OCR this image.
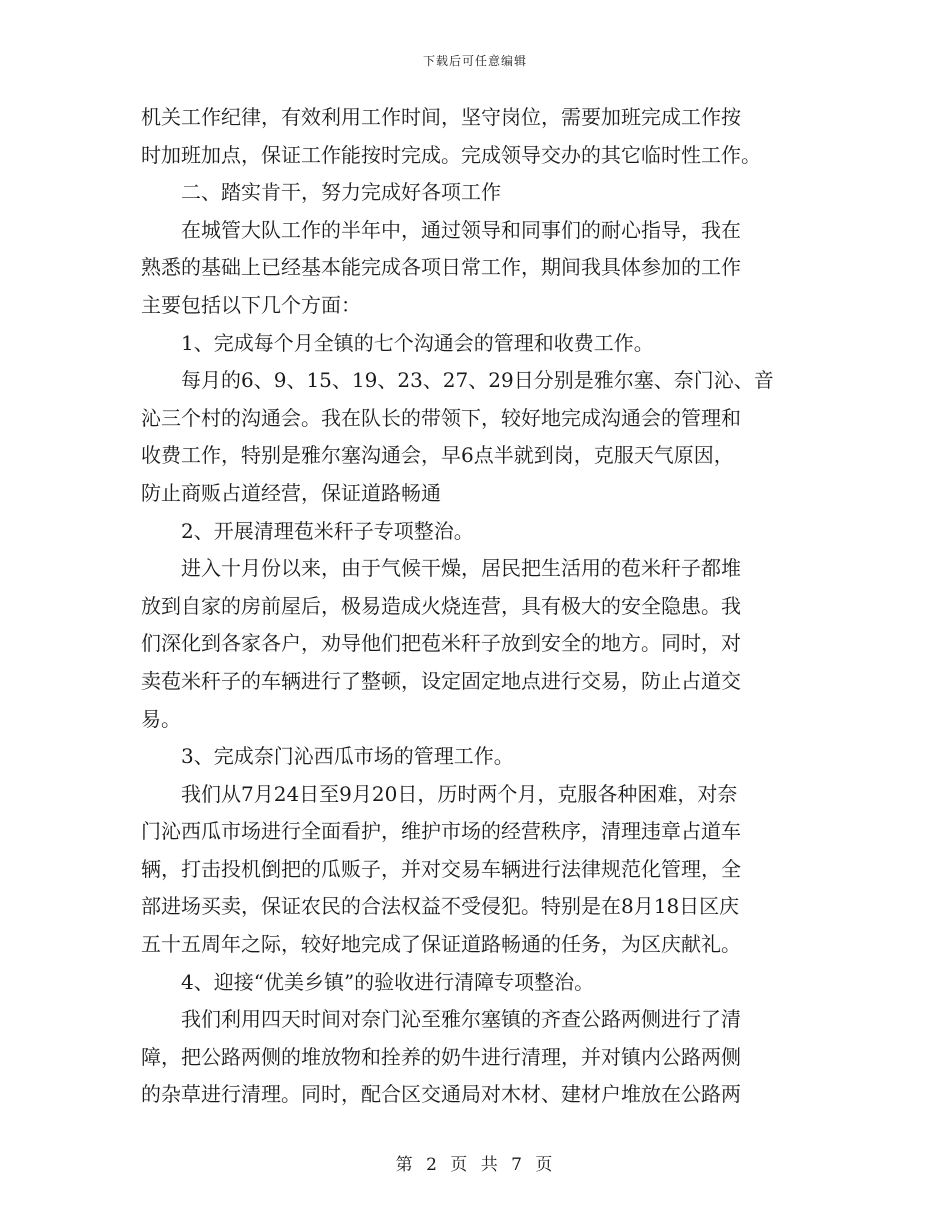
下载后可任意编辑

机关工作纪律，有效利用工作时间，坚守岗位，需要加班完成工作按
时加班加点，保证工作能按时完成。完成领导交办的其它临时性工作。

　　二、踏实肯干，努力完成好各项工作

　　在城管大队工作的半年中，通过领导和同事们的耐心指导，我在
熟悉的基础上已经基本能完成各项日常工作，期间我具体参加的工作
主要包括以下几个方面：

　　1、完成每个月全镇的七个沟通会的管理和收费工作。

　　每月的6、9、15、19、23、27、29日分别是雅尔塞、奈门沁、音
沁三个村的沟通会。我在队长的带领下，较好地完成沟通会的管理和
收费工作，特别是雅尔塞沟通会，早6点半就到岗，克服天气原因，
防止商贩占道经营，保证道路畅通

　　2、开展清理苞米秆子专项整治。

　　进入十月份以来，由于气候干燥，居民把生活用的苞米秆子都堆
放到自家的房前屋后，极易造成火烧连营，具有极大的安全隐患。我
们深化到各家各户，劝导他们把苞米秆子放到安全的地方。同时，对
卖苞米秆子的车辆进行了整顿，设定固定地点进行交易，防止占道交
易。

　　3、完成奈门沁西瓜市场的管理工作。

　　我们从7月24日至9月20日，历时两个月，克服各种困难，对奈
门沁西瓜市场进行全面看护，维护市场的经营秩序，清理违章占道车
辆，打击投机倒把的瓜贩子，并对交易车辆进行法律规范化管理，全
部进场买卖，保证农民的合法权益不受侵犯。特别是在8月18日区庆
五十五周年之际，较好地完成了保证道路畅通的任务，为区庆献礼。

　　4、迎接“优美乡镇”的验收进行清障专项整治。

　　我们利用四天时间对奈门沁至雅尔塞镇的齐查公路两侧进行了清
障，把公路两侧的堆放物和拴养的奶牛进行清理，并对镇内公路两侧
的杂草进行清理。同时，配合区交通局对木材、建材户堆放在公路两

第 2 页 共 7 页
